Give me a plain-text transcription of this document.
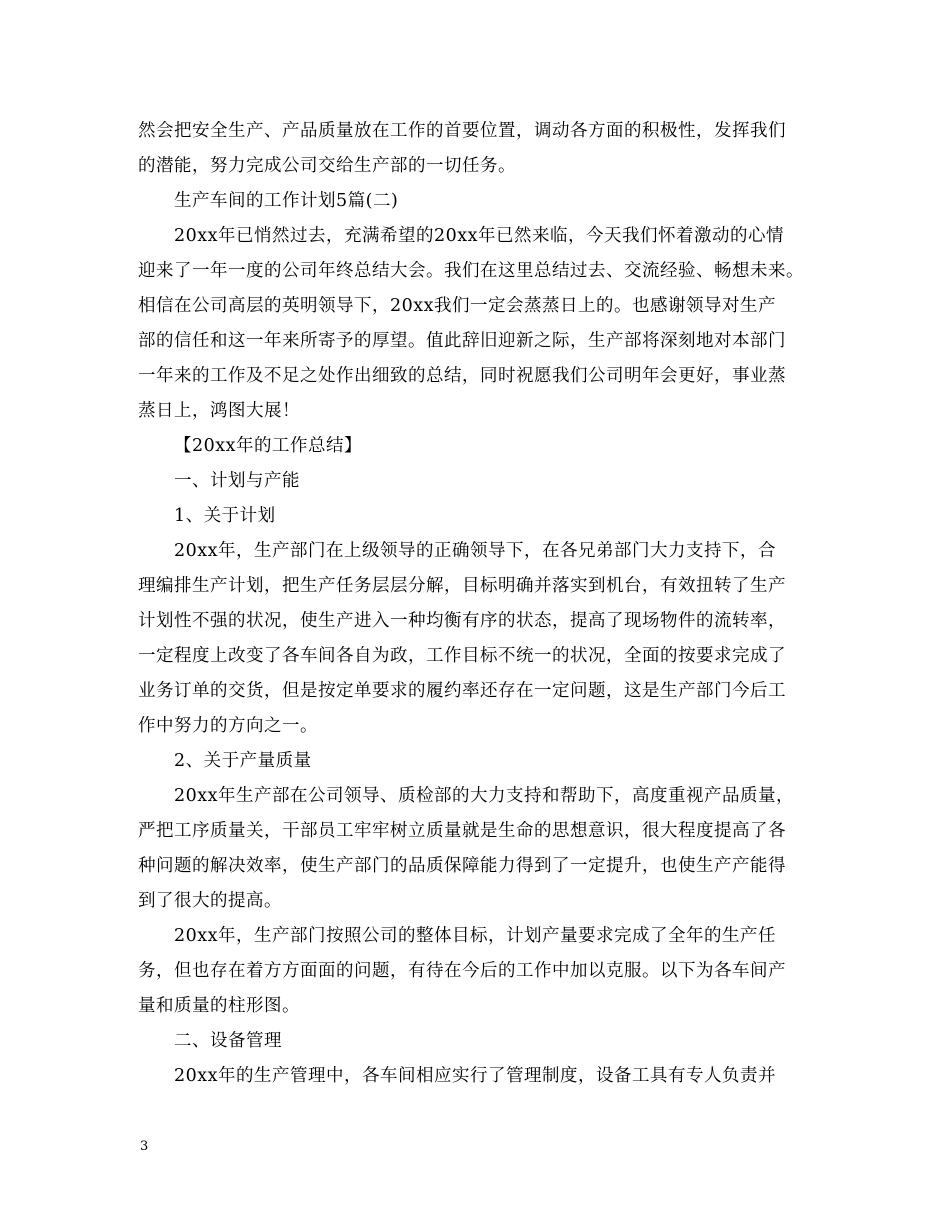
然会把安全生产、产品质量放在工作的首要位置，调动各方面的积极性，发挥我们
的潜能，努力完成公司交给生产部的一切任务。
生产车间的工作计划5篇(二)
20xx年已悄然过去，充满希望的20xx年已然来临，今天我们怀着激动的心情
迎来了一年一度的公司年终总结大会。我们在这里总结过去、交流经验、畅想未来。
相信在公司高层的英明领导下，20xx我们一定会蒸蒸日上的。也感谢领导对生产
部的信任和这一年来所寄予的厚望。值此辞旧迎新之际，生产部将深刻地对本部门
一年来的工作及不足之处作出细致的总结，同时祝愿我们公司明年会更好，事业蒸
蒸日上，鸿图大展！
【20xx年的工作总结】
一、计划与产能
1、关于计划
20xx年，生产部门在上级领导的正确领导下，在各兄弟部门大力支持下，合
理编排生产计划，把生产任务层层分解，目标明确并落实到机台，有效扭转了生产
计划性不强的状况，使生产进入一种均衡有序的状态，提高了现场物件的流转率，
一定程度上改变了各车间各自为政，工作目标不统一的状况，全面的按要求完成了
业务订单的交货，但是按定单要求的履约率还存在一定问题，这是生产部门今后工
作中努力的方向之一。
2、关于产量质量
20xx年生产部在公司领导、质检部的大力支持和帮助下，高度重视产品质量，
严把工序质量关，干部员工牢牢树立质量就是生命的思想意识，很大程度提高了各
种问题的解决效率，使生产部门的品质保障能力得到了一定提升，也使生产产能得
到了很大的提高。
20xx年，生产部门按照公司的整体目标，计划产量要求完成了全年的生产任
务，但也存在着方方面面的问题，有待在今后的工作中加以克服。以下为各车间产
量和质量的柱形图。
二、设备管理
20xx年的生产管理中，各车间相应实行了管理制度，设备工具有专人负责并
3
